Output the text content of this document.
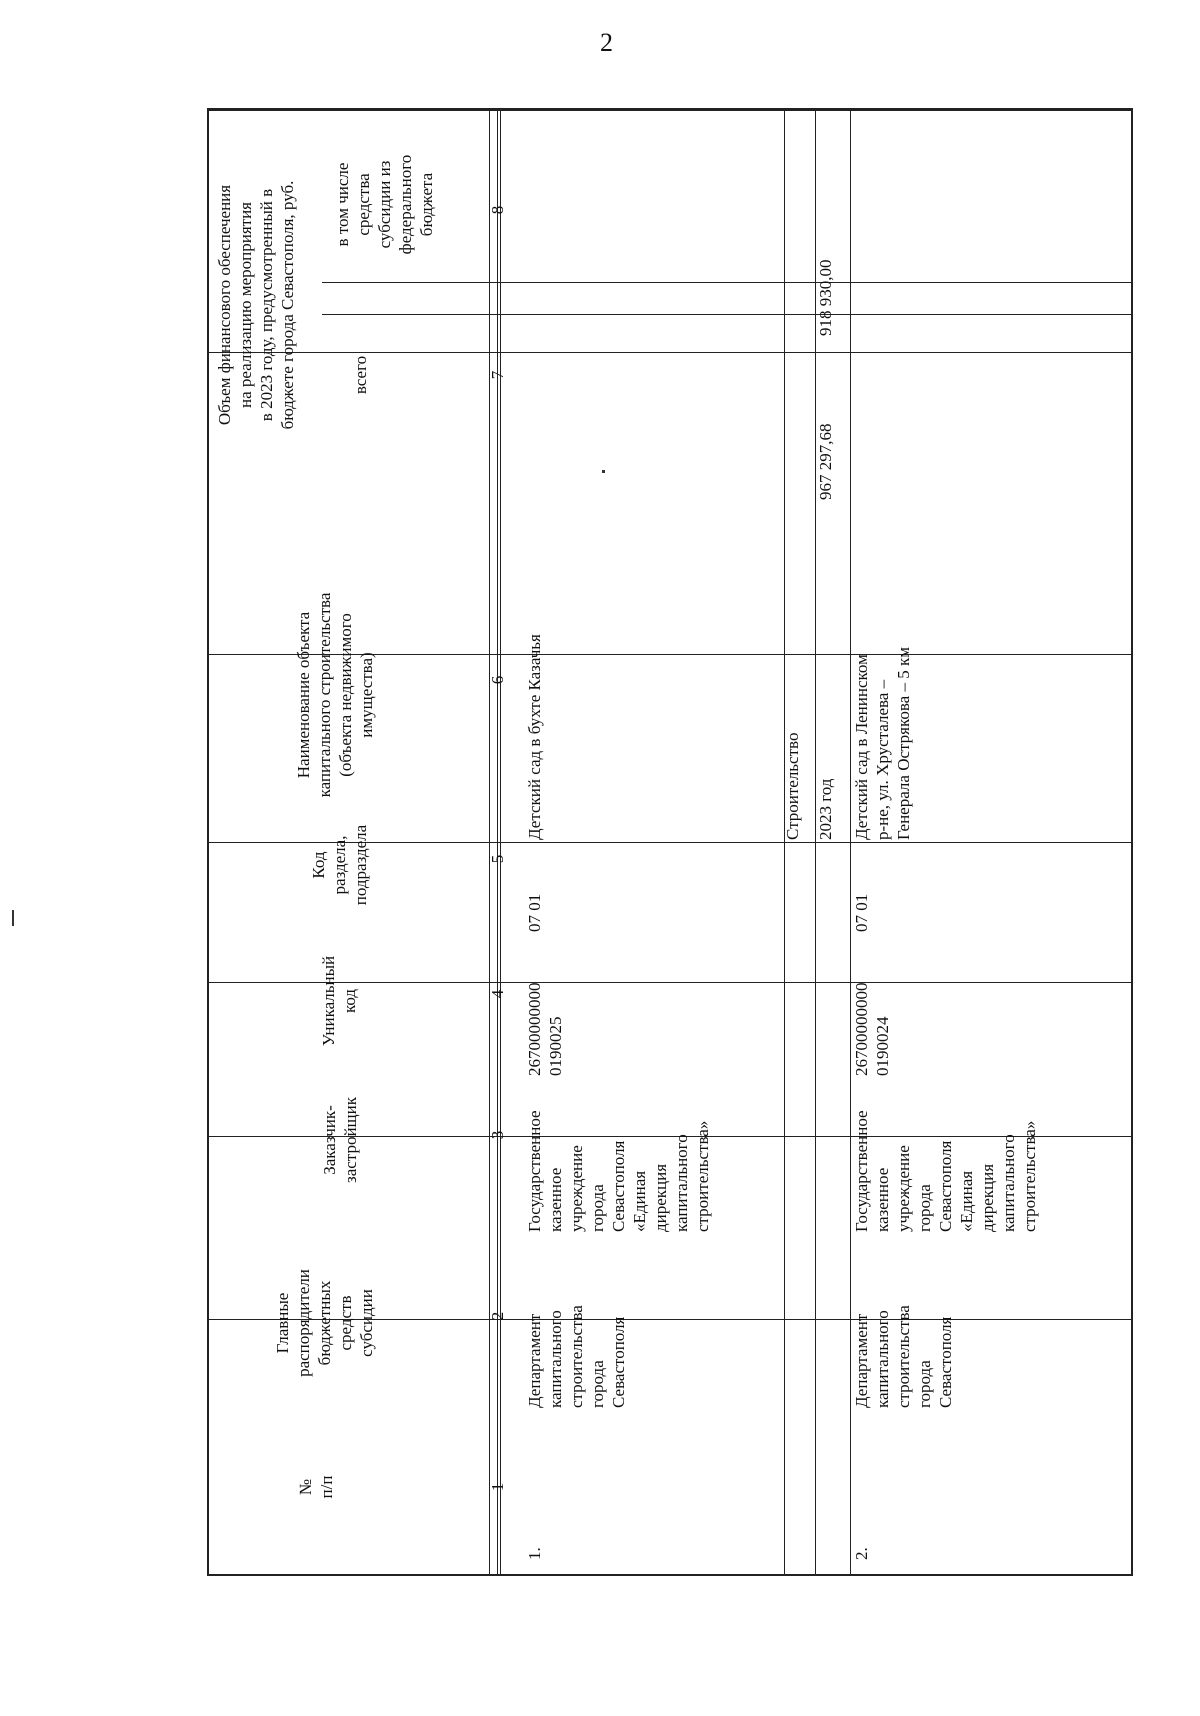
2
№
п/п
Главные
распорядители
бюджетных
средств
субсидии
Заказчик-
застройщик
Уникальный
код
Код
раздела,
подраздела
Наименование объекта
капитального строительства
(объекта недвижимого
имущества)
Объем финансового обеспечения
на реализацию мероприятия
в 2023 году, предусмотренный в
бюджете города Севастополя, руб.
всего
в том числе
средства
субсидии из
федерального
бюджета
1
2
3
4
5
6
7
8
1.
Департамент
капитального
строительства
города
Севастополя
Государственное
казенное
учреждение
города
Севастополя
«Единая
дирекция
капитального
строительства»
26700000000
0190025
07 01
Детский сад в бухте Казачья	Строительство 2023 год
967 297,68
918 930,00
2.
Департамент
капитального
строительства
города
Севастополя
Государственное
казенное
учреждение
города
Севастополя
«Единая
дирекция
капитального
строительства»
26700000000
0190024
07 01
Детский сад в Ленинском
р-не, ул. Хрусталева –
Генерала Острякова – 5 км
